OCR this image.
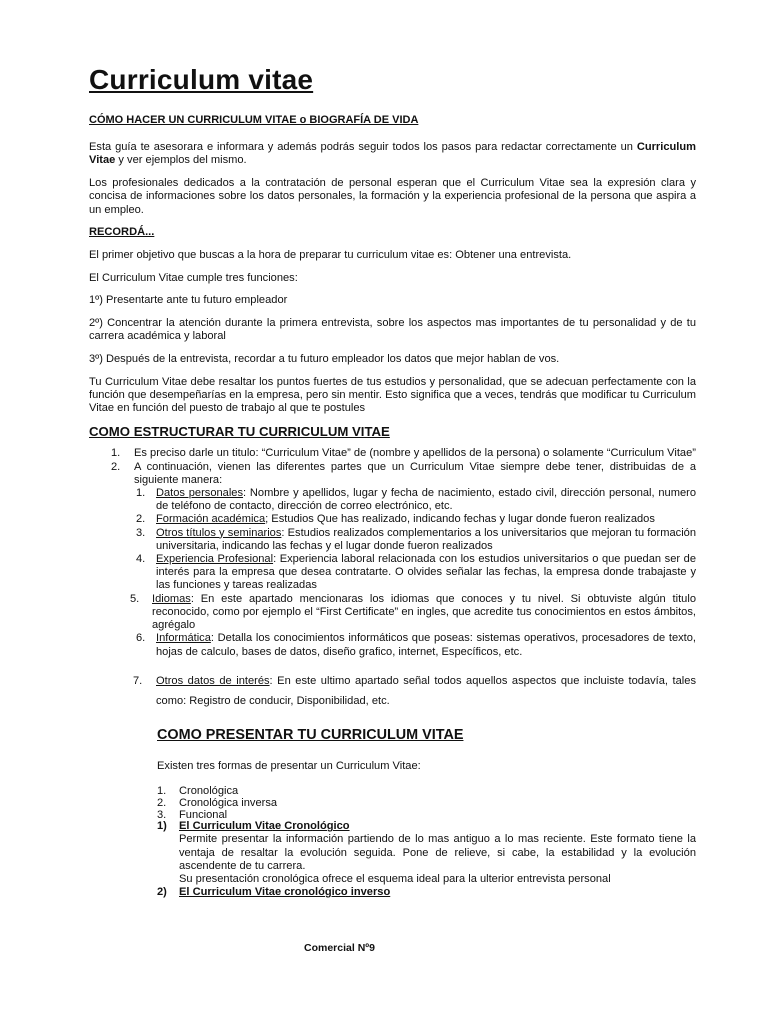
Curriculum vitae

CÓMO HACER UN CURRICULUM VITAE o BIOGRAFÍA DE VIDA

Esta guía te asesorara e informara y además podrás seguir todos los pasos para redactar correctamente un Curriculum Vitae y ver ejemplos del mismo.

Los profesionales dedicados a la contratación de personal esperan que el Curriculum Vitae sea la expresión clara y concisa de informaciones sobre los datos personales, la formación y la experiencia profesional de la persona que aspira a un empleo.

RECORDÁ...

El primer objetivo que buscas a la hora de preparar tu curriculum vitae es: Obtener una entrevista.

El Curriculum Vitae cumple tres funciones:

1º) Presentarte ante tu futuro empleador

2º) Concentrar la atención durante la primera entrevista, sobre los aspectos mas importantes de tu personalidad y de tu carrera académica y laboral

3º) Después de la entrevista, recordar a tu futuro empleador los datos que mejor hablan de vos.

Tu Curriculum Vitae debe resaltar los puntos fuertes de tus estudios y personalidad, que se adecuan perfectamente con la función que desempeñarías en la empresa, pero sin mentir. Esto significa que a veces, tendrás que modificar tu Curriculum Vitae en función del puesto de trabajo al que te postules

COMO ESTRUCTURAR TU CURRICULUM VITAE

1. Es preciso darle un titulo: “Curriculum Vitae” de (nombre y apellidos de la persona) o solamente “Curriculum Vitae”
2. A continuación, vienen las diferentes partes que un Curriculum Vitae siempre debe tener, distribuidas de a siguiente manera:
1. Datos personales: Nombre y apellidos, lugar y fecha de nacimiento, estado civil, dirección personal, numero de teléfono de contacto, dirección de correo electrónico, etc.
2. Formación académica; Estudios Que has realizado, indicando fechas y lugar donde fueron realizados
3. Otros títulos y seminarios: Estudios realizados complementarios a los universitarios que mejoran tu formación universitaria, indicando las fechas y el lugar donde fueron realizados
4. Experiencia Profesional: Experiencia laboral relacionada con los estudios universitarios o que puedan ser de interés para la empresa que desea contratarte. O olvides señalar las fechas, la empresa donde trabajaste y las funciones y tareas realizadas
5. Idiomas: En este apartado mencionaras los idiomas que conoces y tu nivel. Si obtuviste algún titulo reconocido, como por ejemplo el “First Certificate” en ingles, que acredite tus conocimientos en estos ámbitos, agrégalo
6. Informática: Detalla los conocimientos informáticos que poseas: sistemas operativos, procesadores de texto, hojas de calculo, bases de datos, diseño grafico, internet, Específicos, etc.
7. Otros datos de interés: En este ultimo apartado señal todos aquellos aspectos que incluiste todavía, tales como: Registro de conducir, Disponibilidad, etc.

COMO PRESENTAR TU CURRICULUM VITAE

Existen tres formas de presentar un Curriculum Vitae:

1. Cronológica
2. Cronológica inversa
3. Funcional
1) El Curriculum Vitae Cronológico
Permite presentar la información partiendo de lo mas antiguo a lo mas reciente. Este formato tiene la ventaja de resaltar la evolución seguida. Pone de relieve, si cabe, la estabilidad y la evolución ascendente de tu carrera.
Su presentación cronológica ofrece el esquema ideal para la ulterior entrevista personal
2) El Curriculum Vitae cronológico inverso
Comercial Nº9
